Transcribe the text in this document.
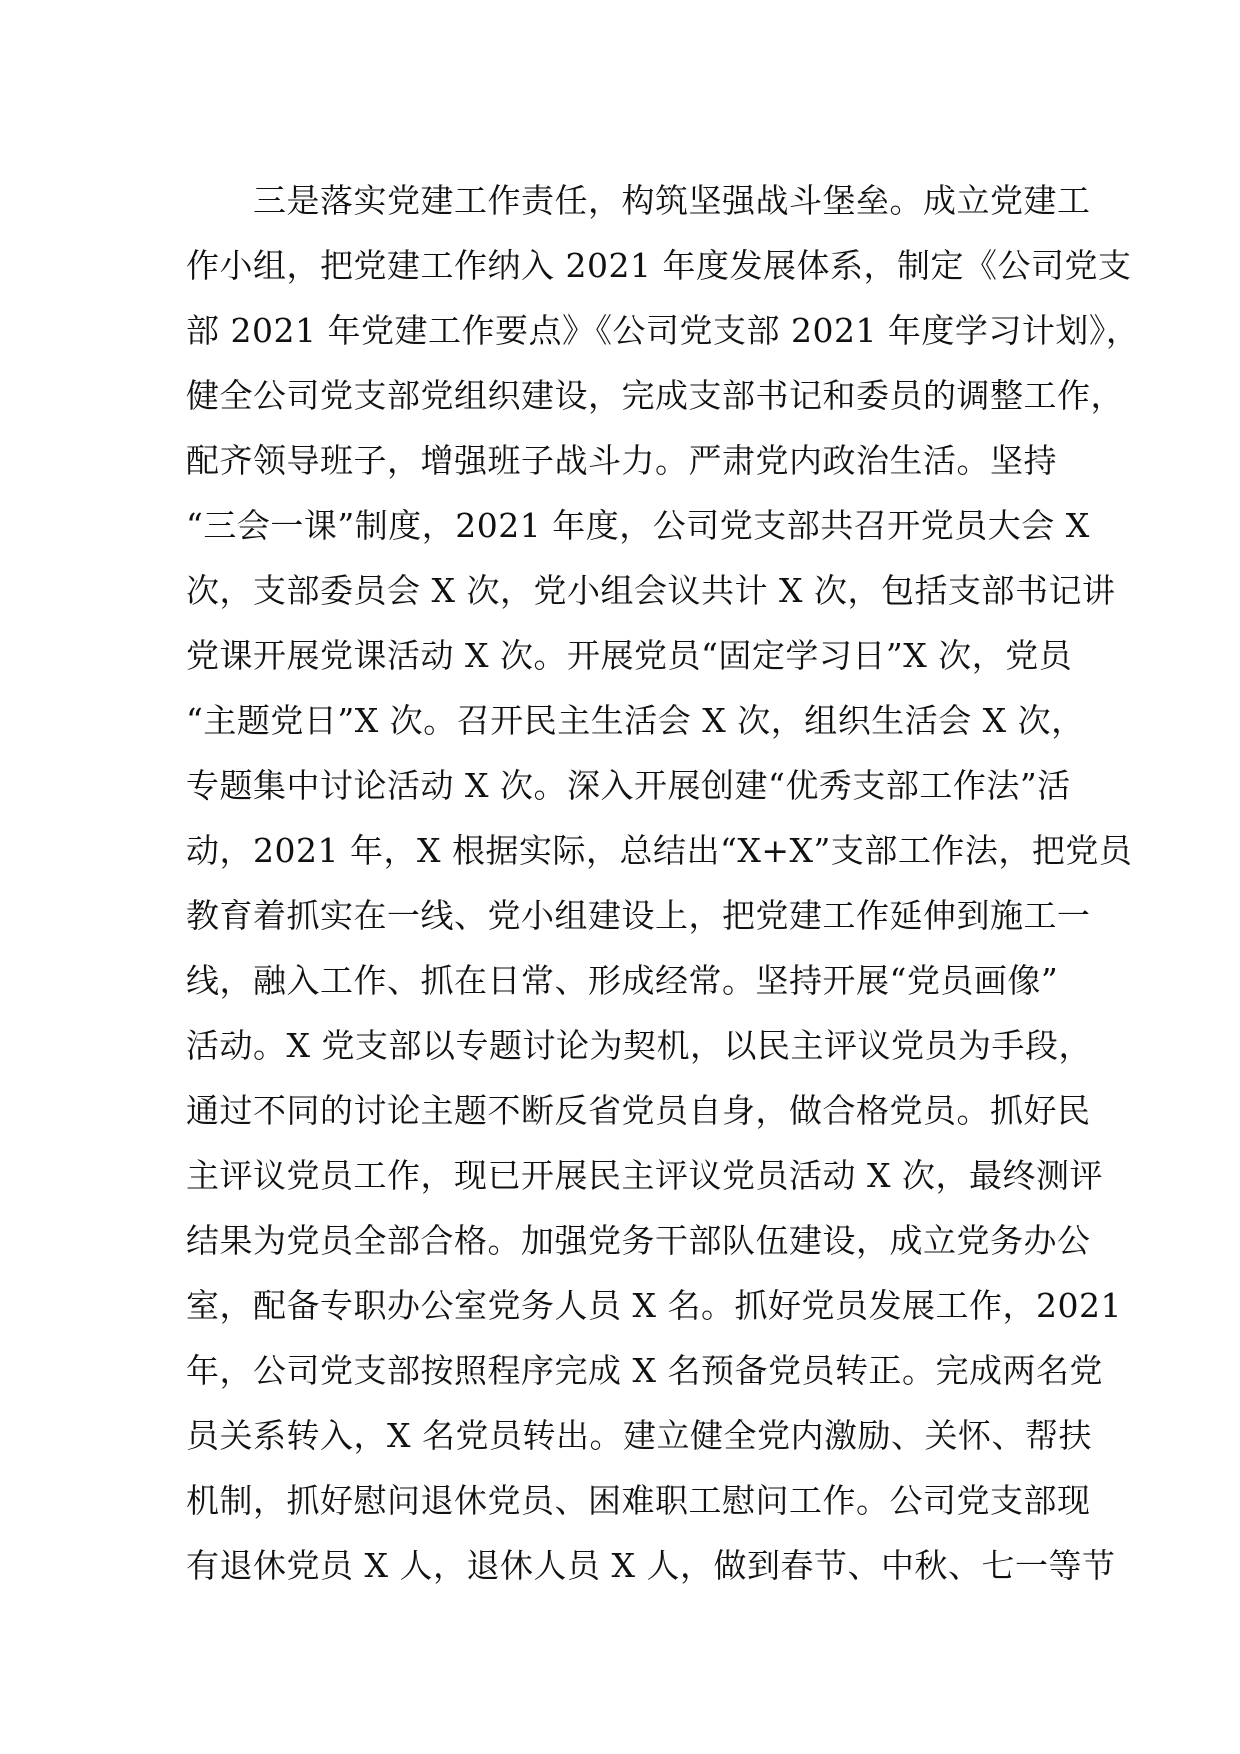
　　三是落实党建工作责任，构筑坚强战斗堡垒。成立党建工
作小组，把党建工作纳入 2021 年度发展体系，制定《公司党支
部 2021 年党建工作要点》《公司党支部 2021 年度学习计划》，
健全公司党支部党组织建设，完成支部书记和委员的调整工作，
配齐领导班子，增强班子战斗力。严肃党内政治生活。坚持
“三会一课”制度，2021 年度，公司党支部共召开党员大会 X
次，支部委员会 X 次，党小组会议共计 X 次，包括支部书记讲
党课开展党课活动 X 次。开展党员“固定学习日”X 次，党员
“主题党日”X 次。召开民主生活会 X 次，组织生活会 X 次，
专题集中讨论活动 X 次。深入开展创建“优秀支部工作法”活
动，2021 年，X 根据实际，总结出“X+X”支部工作法，把党员
教育着抓实在一线、党小组建设上，把党建工作延伸到施工一
线，融入工作、抓在日常、形成经常。坚持开展“党员画像”
活动。X 党支部以专题讨论为契机，以民主评议党员为手段，
通过不同的讨论主题不断反省党员自身，做合格党员。抓好民
主评议党员工作，现已开展民主评议党员活动 X 次，最终测评
结果为党员全部合格。加强党务干部队伍建设，成立党务办公
室，配备专职办公室党务人员 X 名。抓好党员发展工作，2021
年，公司党支部按照程序完成 X 名预备党员转正。完成两名党
员关系转入，X 名党员转出。建立健全党内激励、关怀、帮扶
机制，抓好慰问退休党员、困难职工慰问工作。公司党支部现
有退休党员 X 人，退休人员 X 人，做到春节、中秋、七一等节
